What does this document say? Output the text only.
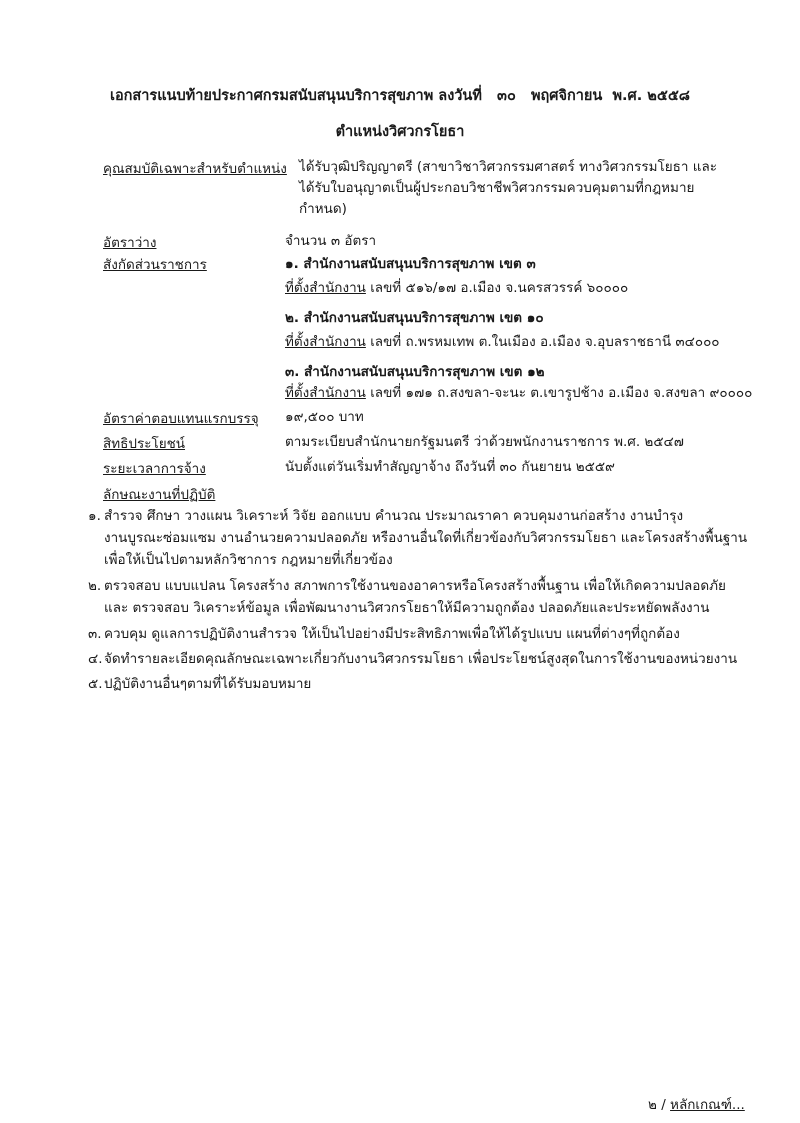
เอกสารแนบท้ายประกาศกรมสนับสนุนบริการสุขภาพ ลงวันที่ ๓๐ พฤศจิกายน พ.ศ. ๒๕๕๘
ตำแหน่งวิศวกรโยธา
คุณสมบัติเฉพาะสำหรับตำแหน่ง ได้รับวุฒิปริญญาตรี (สาขาวิชาวิศวกรรมศาสตร์ ทางวิศวกรรมโยธา และ
ได้รับใบอนุญาตเป็นผู้ประกอบวิชาชีพวิศวกรรมควบคุมตามที่กฎหมาย
กำหนด)
อัตราว่าง	จำนวน ๓ อัตรา
สังกัดส่วนราชการ	๑. สำนักงานสนับสนุนบริการสุขภาพ เขต ๓
ที่ตั้งสำนักงาน เลขที่ ๕๑๖/๑๗ อ.เมือง จ.นครสวรรค์ ๖๐๐๐๐
๒. สำนักงานสนับสนุนบริการสุขภาพ เขต ๑๐
ที่ตั้งสำนักงาน เลขที่ ถ.พรหมเทพ ต.ในเมือง อ.เมือง จ.อุบลราชธานี ๓๔๐๐๐
๓. สำนักงานสนับสนุนบริการสุขภาพ เขต ๑๒
ที่ตั้งสำนักงาน เลขที่ ๑๗๑ ถ.สงขลา-จะนะ ต.เขารูปช้าง อ.เมือง จ.สงขลา ๙๐๐๐๐
อัตราค่าตอบแทนแรกบรรจุ ๑๙,๕๐๐ บาท
สิทธิประโยชน์	ตามระเบียบสำนักนายกรัฐมนตรี ว่าด้วยพนักงานราชการ พ.ศ. ๒๕๔๗
ระยะเวลาการจ้าง	นับตั้งแต่วันเริ่มทำสัญญาจ้าง ถึงวันที่ ๓๐ กันยายน ๒๕๕๙
ลักษณะงานที่ปฏิบัติ
๑. สำรวจ ศึกษา วางแผน วิเคราะห์ วิจัย ออกแบบ คำนวณ ประมาณราคา ควบคุมงานก่อสร้าง งานบำรุง
งานบูรณะซ่อมแซม งานอำนวยความปลอดภัย หรืองานอื่นใดที่เกี่ยวข้องกับวิศวกรรมโยธา และโครงสร้างพื้นฐาน
เพื่อให้เป็นไปตามหลักวิชาการ กฎหมายที่เกี่ยวข้อง
๒. ตรวจสอบ แบบแปลน โครงสร้าง สภาพการใช้งานของอาคารหรือโครงสร้างพื้นฐาน เพื่อให้เกิดความปลอดภัย
และ ตรวจสอบ วิเคราะห์ข้อมูล เพื่อพัฒนางานวิศวกรโยธาให้มีความถูกต้อง ปลอดภัยและประหยัดพลังงาน
๓. ควบคุม ดูแลการปฏิบัติงานสำรวจ ให้เป็นไปอย่างมีประสิทธิภาพเพื่อให้ได้รูปแบบ แผนที่ต่างๆที่ถูกต้อง
๔. จัดทำรายละเอียดคุณลักษณะเฉพาะเกี่ยวกับงานวิศวกรรมโยธา เพื่อประโยชน์สูงสุดในการใช้งานของหน่วยงาน
๕. ปฏิบัติงานอื่นๆตามที่ได้รับมอบหมาย
๒ / หลักเกณฑ์...
